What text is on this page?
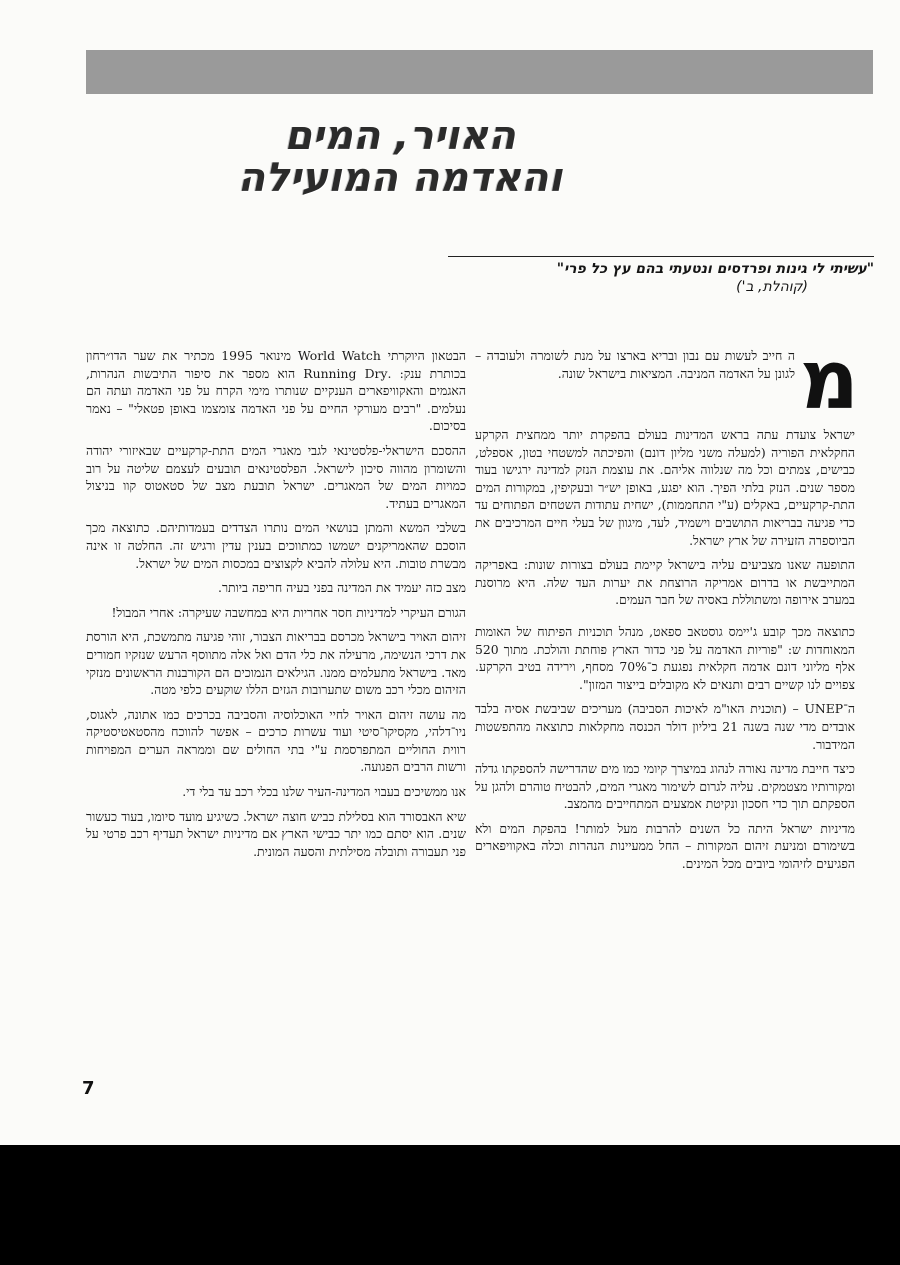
האויר, המים
והאדמה המועילה
"עשיתי לי גינות ופרדסים ונטעתי בהם עץ כל פרי"
(קוהלת, ב')
מ
ה חייב לעשות עם נבון ובריא בארצו על מנת לשומרה ולעובדה – לגונן על האדמה המניבה. המציאות בישראל שונה.

ישראל צועדת עתה בראש המדינות בעולם בהפקרת יותר ממחצית הקרקע החקלאית הפוריה (למעלה משני מליון דונם) והפיכתה למשטחי בטון, אספלט, כבישים, צמתים וכל מה שנלווה אליהם. את עוצמת הנזק למדינה ירגישו בעוד מספר שנים. הנזק בלתי הפיך. הוא יפגע, באופן יש״ר ובעקיפין, במקורות המים התת-קרקעיים, באקלים (ע"י התחממות), ישחית עתודות השטחים הפתוחים עד כדי פגיעה בבריאות התושבים וישמיד, לעד, מיגוון של בעלי חיים המרכיבים את הביוספרה הזעירה של ארץ ישראל.

התופעה שאנו מצביעים עליה בישראל קיימת בעולם בצורות שונות: באפריקה המתייבשת או בדרום אמריקה הרוצחת את יערות העד שלה. היא מרוסנת במערב אירופה ומשתוללת באסיה של חבר העמים.

כתוצאה מכך קובע ג'יימס גוסטאב ספאט, מנהל תוכניות הפיתוח של האומות המאוחדות ש: "פוריות האדמה על פני כדור הארץ פוחתת והולכת. מתוך 520 אלף מליוני דונם אדמה חקלאית נפגעת כ־70% מסחף, וירידה בטיב הקרקע. צפויים לנו קשיים רבים ותנאים לא מקובלים בייצור המזון".

ה־UNEP – (תוכנית האו"מ לאיכות הסביבה) מעריכים שביבשת אסיה בלבד אובדים מדי שנה בשנה 21 ביליון דולר הכנסה מחקלאות כתוצאה מהתפשטות המידבור.

כיצד חייבת מדינה נאורה לנהוג במיצרך קיומי כמו מים שהדרישה להספקתו גדלה ומקורותיו מצטמקים. עליה לגרום לשימור מאגרי המים, להבטיח טוהרם ולהגן על הספקתם תוך כדי חסכון ונקיטת אמצעים המתחייבים מהמצב.

מדיניות ישראל היתה כל השנים להרבות מעל למותר! בהפקת המים ולא בשימורם ומניעת זיהום המקורות – החל ממעיינות הנהרות וכלה באקוויפארים הפגיעים לזיהומי ביובים מכל המינים.

הבטאון היוקרתי World Watch מינואר 1995 מכתיר את שער הדו״רחון בכותרת ענק: .Running Dry הוא מספר את סיפור התיבשות הנהרות, האגמים והאקוויפארים הענקיים שנותרו מימי הקרח על פני האדמה ועתה הם נעלמים. "רבים מעורקי החיים על פני האדמה צומצמו באופן פטאלי" – נאמר בסיכום.

ההסכם הישראלי-פלסטינאי לגבי מאגרי המים התת-קרקעיים שבאיזורי יהודה והשומרון מהווה סיכון לישראל. הפלסטינאים תובעים לעצמם שליטה על רוב כמויות המים של המאגרים. ישראל תובעת מצב של סטאטוס קוו בניצול המאגרים בעתיד.

בשלבי המשא והמתן בנושאי המים נותרו הצדדים בעמדותיהם. כתוצאה מכך הוסכם שהאמריקנים ישמשו כמתווכים בענין עדין ורגיש זה. החלטה זו אינה מבשרת טובות. היא עלולה להביא לקצוצים במכסות המים של ישראל.

מצב כזה יעמיד את המדינה בפני בעיה חריפה ביותר.

הגורם העיקרי למדיניות חסר אחריות היא במחשבה שעיקרה: אחרי המבול!

זיהום האויר בישראל מכרסם בבריאות הצבור, זוהי פגיעה מתמשכת, היא הורסת את דרכי הנשימה, מרעילה את כלי הדם ואל אלה מתווסף הרעש שנזקיו חמורים מאד. בישראל מתעלמים ממנו. הגילאים הנמוכים הם הקורבנות הראשונים מנזקי הזיהום מכלי רכב משום שתערובות הגזים הללו שוקעים כלפי מטה.

מה עושה זיהום האויר לחיי האוכלוסיה והסביבה בכרכים כמו אתונה, לאגוס, ניו־דלהי, מקסיקו־סיטי ועוד עשרות כרכים – אפשר להווכח מהסטאטיסטיקה רווית החוליים המתפרסמת ע"י בתי החולים שם וממראה הערים המפויחות ורשות הרבים הפגועה.

אנו ממשיכים בעבוי המדינה-העיר שלנו בכלי רכב עד בלי די.

שיא האבסורד הוא בסלילת כביש חוצה ישראל. כשיגיע מועד סיומו, בעוד כעשור שנים. הוא יסתם כמו יתר כבישי הארץ אם מדיניות ישראל תעדיף רכב פרטי על פני תעבורה ותובלה מסילתית והסעה המונית.

7
